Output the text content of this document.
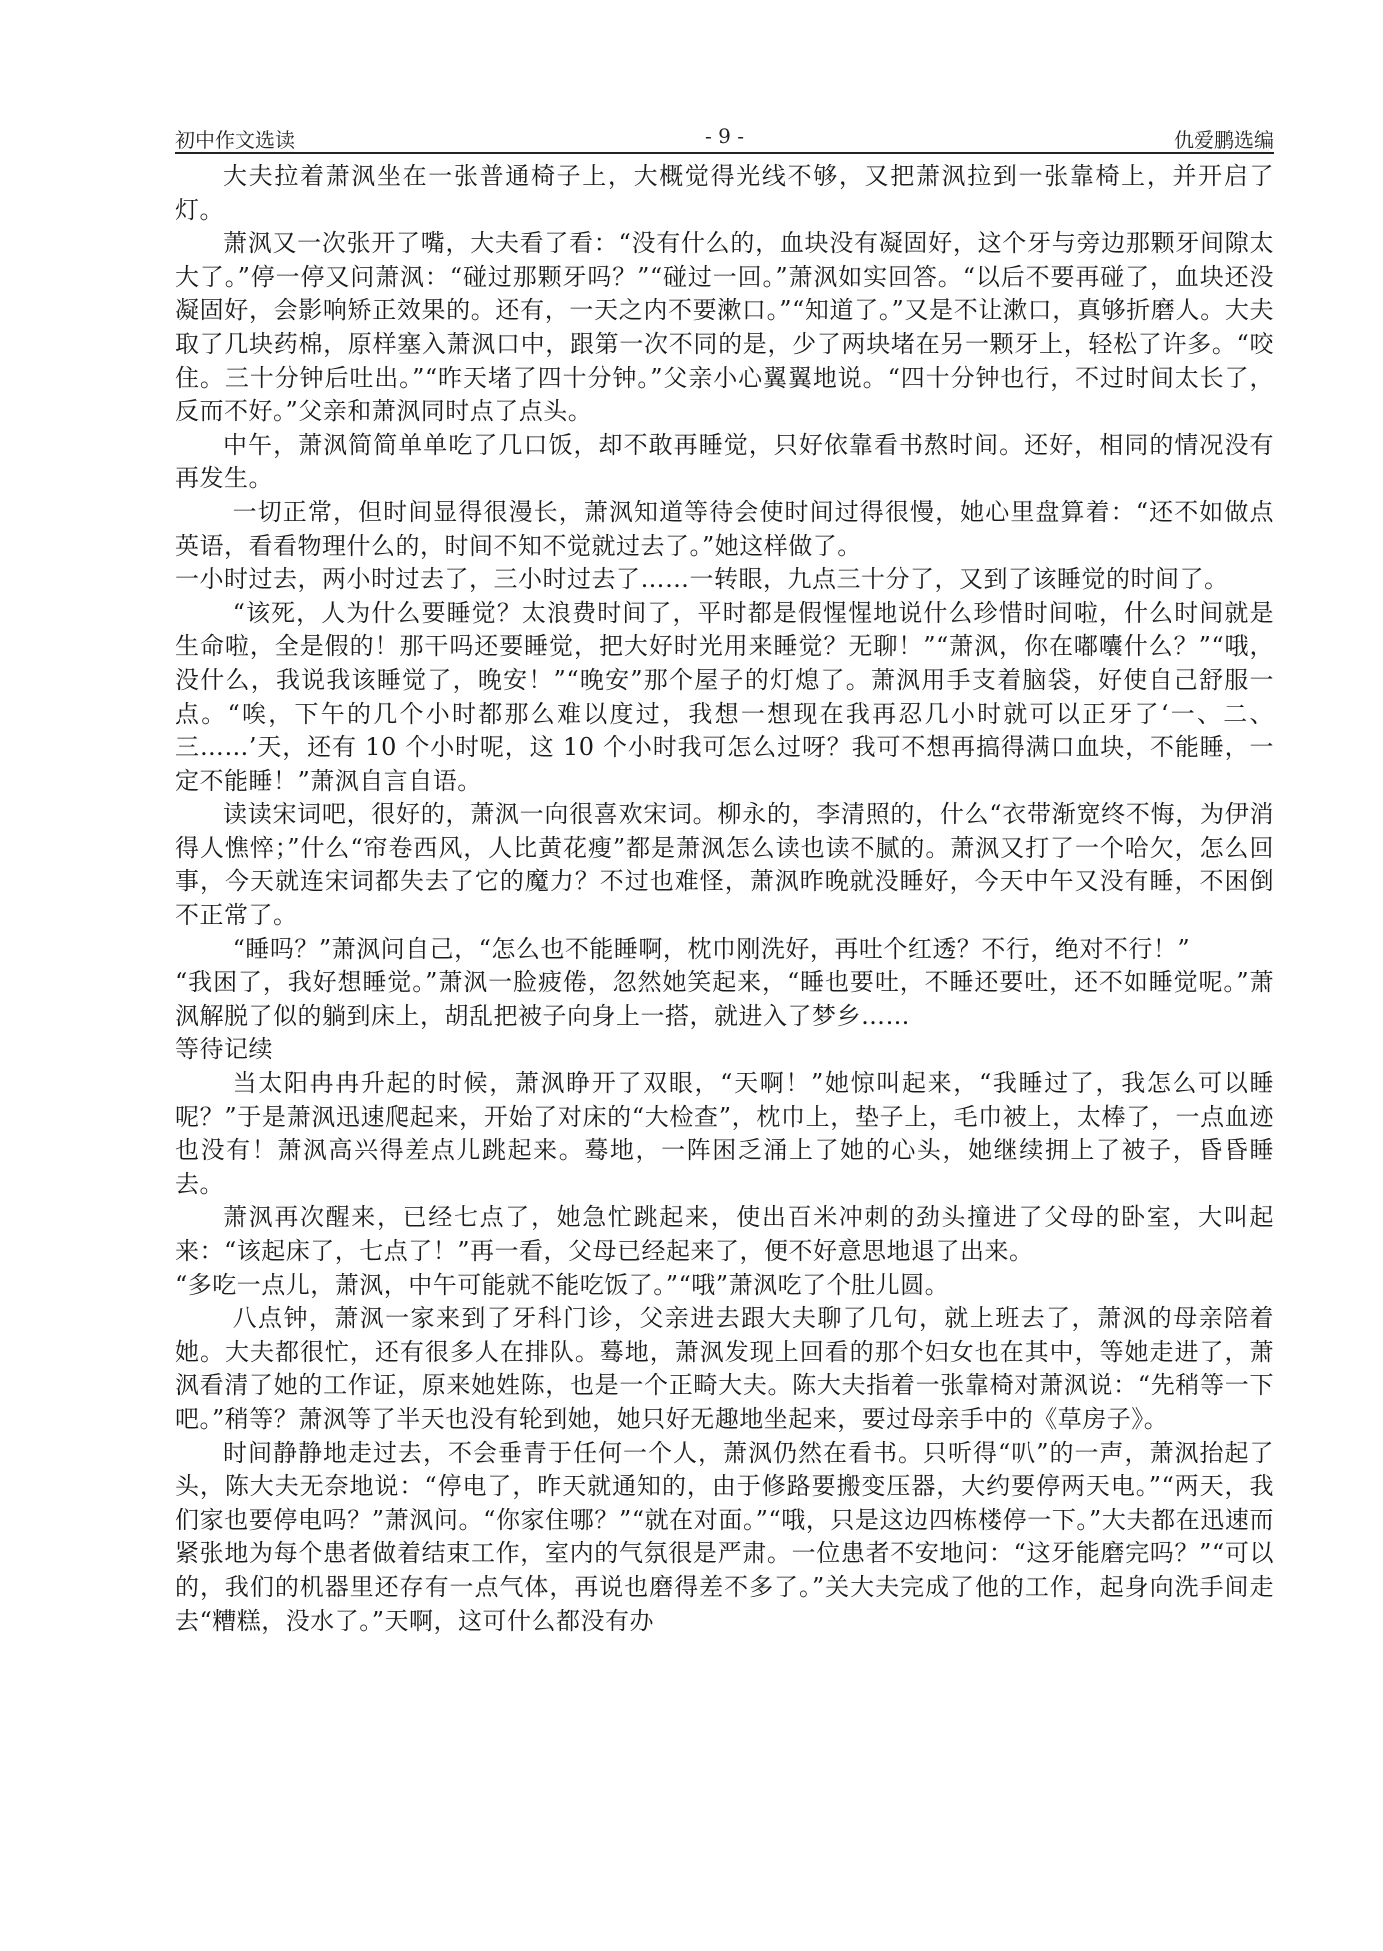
初中作文选读	- 9 -	仇爱鹏选编

大夫拉着萧沨坐在一张普通椅子上，大概觉得光线不够，又把萧沨拉到一张靠椅上，并开启了灯。

萧沨又一次张开了嘴，大夫看了看：“没有什么的，血块没有凝固好，这个牙与旁边那颗牙间隙太大了。”停一停又问萧沨：“碰过那颗牙吗？”“碰过一回。”萧沨如实回答。“以后不要再碰了，血块还没凝固好，会影响矫正效果的。还有，一天之内不要漱口。”“知道了。”又是不让漱口，真够折磨人。大夫取了几块药棉，原样塞入萧沨口中，跟第一次不同的是，少了两块堵在另一颗牙上，轻松了许多。“咬住。三十分钟后吐出。”“昨天堵了四十分钟。”父亲小心翼翼地说。“四十分钟也行，不过时间太长了，反而不好。”父亲和萧沨同时点了点头。

中午，萧沨简简单单吃了几口饭，却不敢再睡觉，只好依靠看书熬时间。还好，相同的情况没有再发生。

一切正常，但时间显得很漫长，萧沨知道等待会使时间过得很慢，她心里盘算着：“还不如做点英语，看看物理什么的，时间不知不觉就过去了。”她这样做了。

一小时过去，两小时过去了，三小时过去了……一转眼，九点三十分了，又到了该睡觉的时间了。

“该死，人为什么要睡觉？太浪费时间了，平时都是假惺惺地说什么珍惜时间啦，什么时间就是生命啦，全是假的！那干吗还要睡觉，把大好时光用来睡觉？无聊！”“萧沨，你在嘟囔什么？”“哦，没什么，我说我该睡觉了，晚安！”“晚安”那个屋子的灯熄了。萧沨用手支着脑袋，好使自己舒服一点。“唉，下午的几个小时都那么难以度过，我想一想现在我再忍几小时就可以正牙了‘一、二、三……’天，还有 10 个小时呢，这 10 个小时我可怎么过呀？我可不想再搞得满口血块，不能睡，一定不能睡！”萧沨自言自语。

读读宋词吧，很好的，萧沨一向很喜欢宋词。柳永的，李清照的，什么“衣带渐宽终不悔，为伊消得人憔悴；”什么“帘卷西风，人比黄花瘦”都是萧沨怎么读也读不腻的。萧沨又打了一个哈欠，怎么回事，今天就连宋词都失去了它的魔力？不过也难怪，萧沨昨晚就没睡好，今天中午又没有睡，不困倒不正常了。

“睡吗？”萧沨问自己，“怎么也不能睡啊，枕巾刚洗好，再吐个红透？不行，绝对不行！”

“我困了，我好想睡觉。”萧沨一脸疲倦，忽然她笑起来，“睡也要吐，不睡还要吐，还不如睡觉呢。”萧沨解脱了似的躺到床上，胡乱把被子向身上一搭，就进入了梦乡……

等待记续

当太阳冉冉升起的时候，萧沨睁开了双眼，“天啊！”她惊叫起来，“我睡过了，我怎么可以睡呢？”于是萧沨迅速爬起来，开始了对床的“大检查”，枕巾上，垫子上，毛巾被上，太棒了，一点血迹也没有！萧沨高兴得差点儿跳起来。蓦地，一阵困乏涌上了她的心头，她继续拥上了被子，昏昏睡去。

萧沨再次醒来，已经七点了，她急忙跳起来，使出百米冲刺的劲头撞进了父母的卧室，大叫起来：“该起床了，七点了！”再一看，父母已经起来了，便不好意思地退了出来。

“多吃一点儿，萧沨，中午可能就不能吃饭了。”“哦”萧沨吃了个肚儿圆。

八点钟，萧沨一家来到了牙科门诊，父亲进去跟大夫聊了几句，就上班去了，萧沨的母亲陪着她。大夫都很忙，还有很多人在排队。蓦地，萧沨发现上回看的那个妇女也在其中，等她走进了，萧沨看清了她的工作证，原来她姓陈，也是一个正畸大夫。陈大夫指着一张靠椅对萧沨说：“先稍等一下吧。”稍等？萧沨等了半天也没有轮到她，她只好无趣地坐起来，要过母亲手中的《草房子》。

时间静静地走过去，不会垂青于任何一个人，萧沨仍然在看书。只听得“叭”的一声，萧沨抬起了头，陈大夫无奈地说：“停电了，昨天就通知的，由于修路要搬变压器，大约要停两天电。”“两天，我们家也要停电吗？”萧沨问。“你家住哪？”“就在对面。”“哦，只是这边四栋楼停一下。”大夫都在迅速而紧张地为每个患者做着结束工作，室内的气氛很是严肃。一位患者不安地问：“这牙能磨完吗？”“可以的，我们的机器里还存有一点气体，再说也磨得差不多了。”关大夫完成了他的工作，起身向洗手间走去“糟糕，没水了。”天啊，这可什么都没有办
